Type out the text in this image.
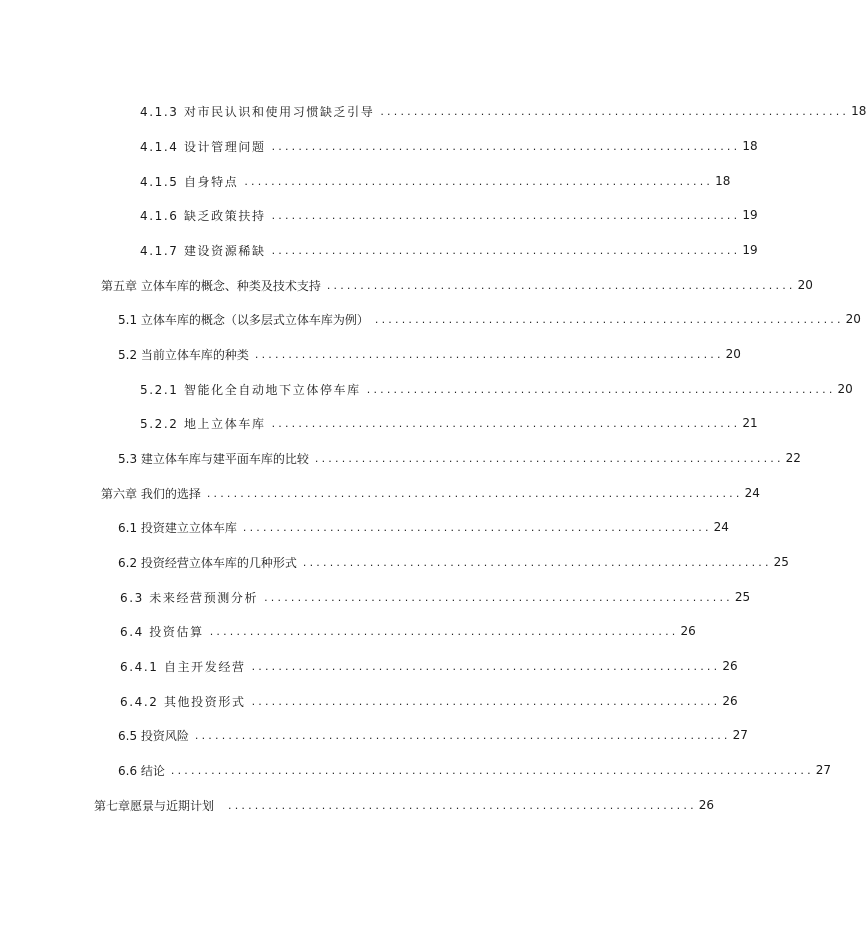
4.1.3 对市民认识和使用习惯缺乏引导 ...................................................................... 18
4.1.4 设计管理问题 ...................................................................... 18
4.1.5 自身特点 ...................................................................... 18
4.1.6 缺乏政策扶持 ...................................................................... 19
4.1.7 建设资源稀缺 ...................................................................... 19
第五章 立体车库的概念、种类及技术支持 ...................................................................... 20
5.1 立体车库的概念（以多层式立体车库为例） ...................................................................... 20
5.2 当前立体车库的种类 ...................................................................... 20
5.2.1 智能化全自动地下立体停车库 ...................................................................... 20
5.2.2 地上立体车库 ...................................................................... 21
5.3 建立体车库与建平面车库的比较 ...................................................................... 22
第六章 我们的选择 ................................................................................ 24
6.1 投资建立立体车库 ...................................................................... 24
6.2 投资经营立体车库的几种形式 ...................................................................... 25
6.3 未来经营预测分析 ...................................................................... 25
6.4 投资估算 ...................................................................... 26
6.4.1 自主开发经营 ...................................................................... 26
6.4.2 其他投资形式 ...................................................................... 26
6.5 投资风险 ................................................................................ 27
6.6 结论 ................................................................................................ 27
第七章愿景与近期计划 ...................................................................... 26
